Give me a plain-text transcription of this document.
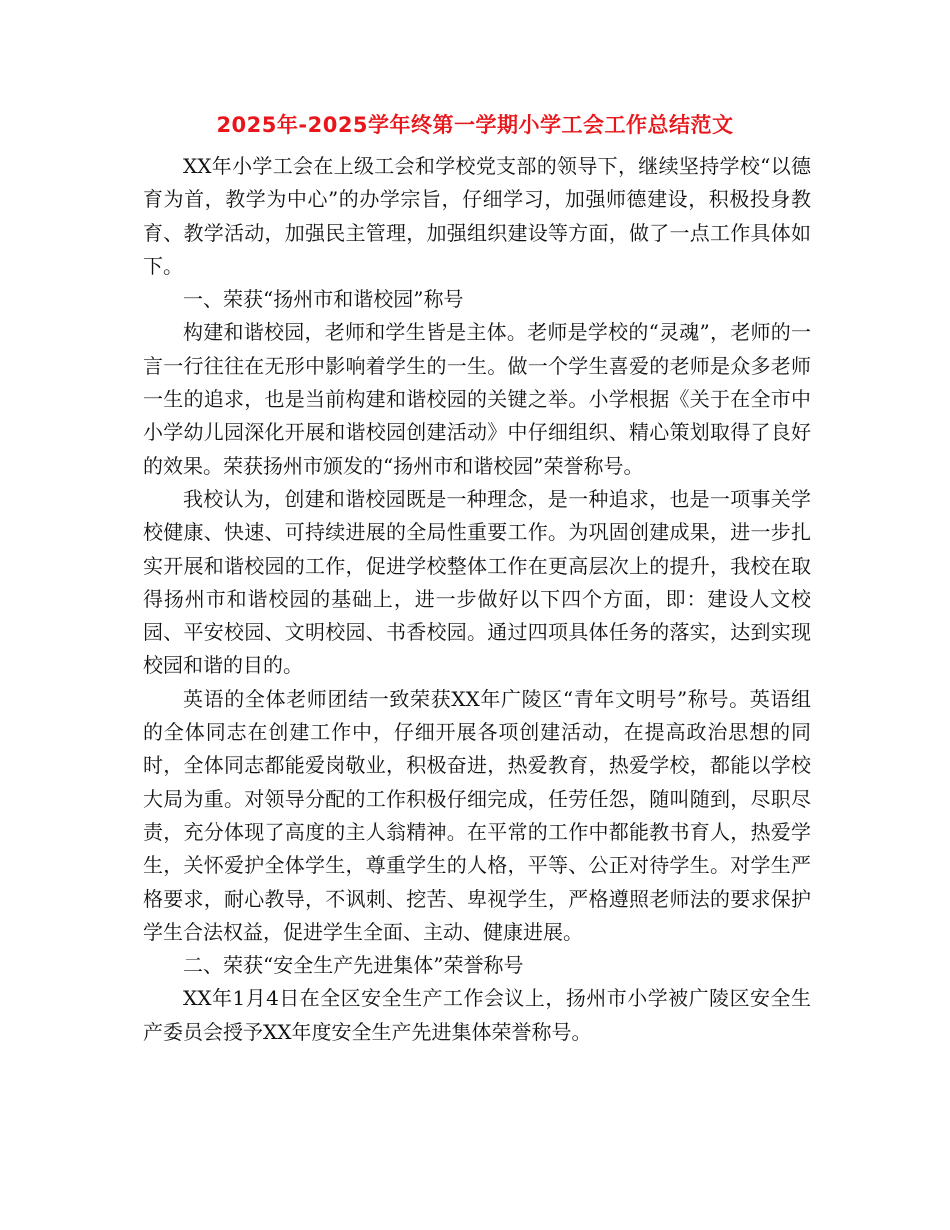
2025年-2025学年终第一学期小学工会工作总结范文

XX年小学工会在上级工会和学校党支部的领导下，继续坚持学校“以德育为首，教学为中心”的办学宗旨，仔细学习，加强师德建设，积极投身教育、教学活动，加强民主管理，加强组织建设等方面，做了一点工作具体如下。

一、荣获“扬州市和谐校园”称号

构建和谐校园，老师和学生皆是主体。老师是学校的“灵魂”，老师的一言一行往往在无形中影响着学生的一生。做一个学生喜爱的老师是众多老师一生的追求，也是当前构建和谐校园的关键之举。小学根据《关于在全市中小学幼儿园深化开展和谐校园创建活动》中仔细组织、精心策划取得了良好的效果。荣获扬州市颁发的“扬州市和谐校园”荣誉称号。

我校认为，创建和谐校园既是一种理念，是一种追求，也是一项事关学校健康、快速、可持续进展的全局性重要工作。为巩固创建成果，进一步扎实开展和谐校园的工作，促进学校整体工作在更高层次上的提升，我校在取得扬州市和谐校园的基础上，进一步做好以下四个方面，即：建设人文校园、平安校园、文明校园、书香校园。通过四项具体任务的落实，达到实现校园和谐的目的。

英语的全体老师团结一致荣获XX年广陵区“青年文明号”称号。英语组的全体同志在创建工作中，仔细开展各项创建活动，在提高政治思想的同时，全体同志都能爱岗敬业，积极奋进，热爱教育，热爱学校，都能以学校大局为重。对领导分配的工作积极仔细完成，任劳任怨，随叫随到，尽职尽责，充分体现了高度的主人翁精神。在平常的工作中都能教书育人，热爱学生，关怀爱护全体学生，尊重学生的人格，平等、公正对待学生。对学生严格要求，耐心教导，不讽刺、挖苦、卑视学生，严格遵照老师法的要求保护学生合法权益，促进学生全面、主动、健康进展。

二、荣获“安全生产先进集体”荣誉称号

XX年1月4日在全区安全生产工作会议上，扬州市小学被广陵区安全生产委员会授予XX年度安全生产先进集体荣誉称号。
